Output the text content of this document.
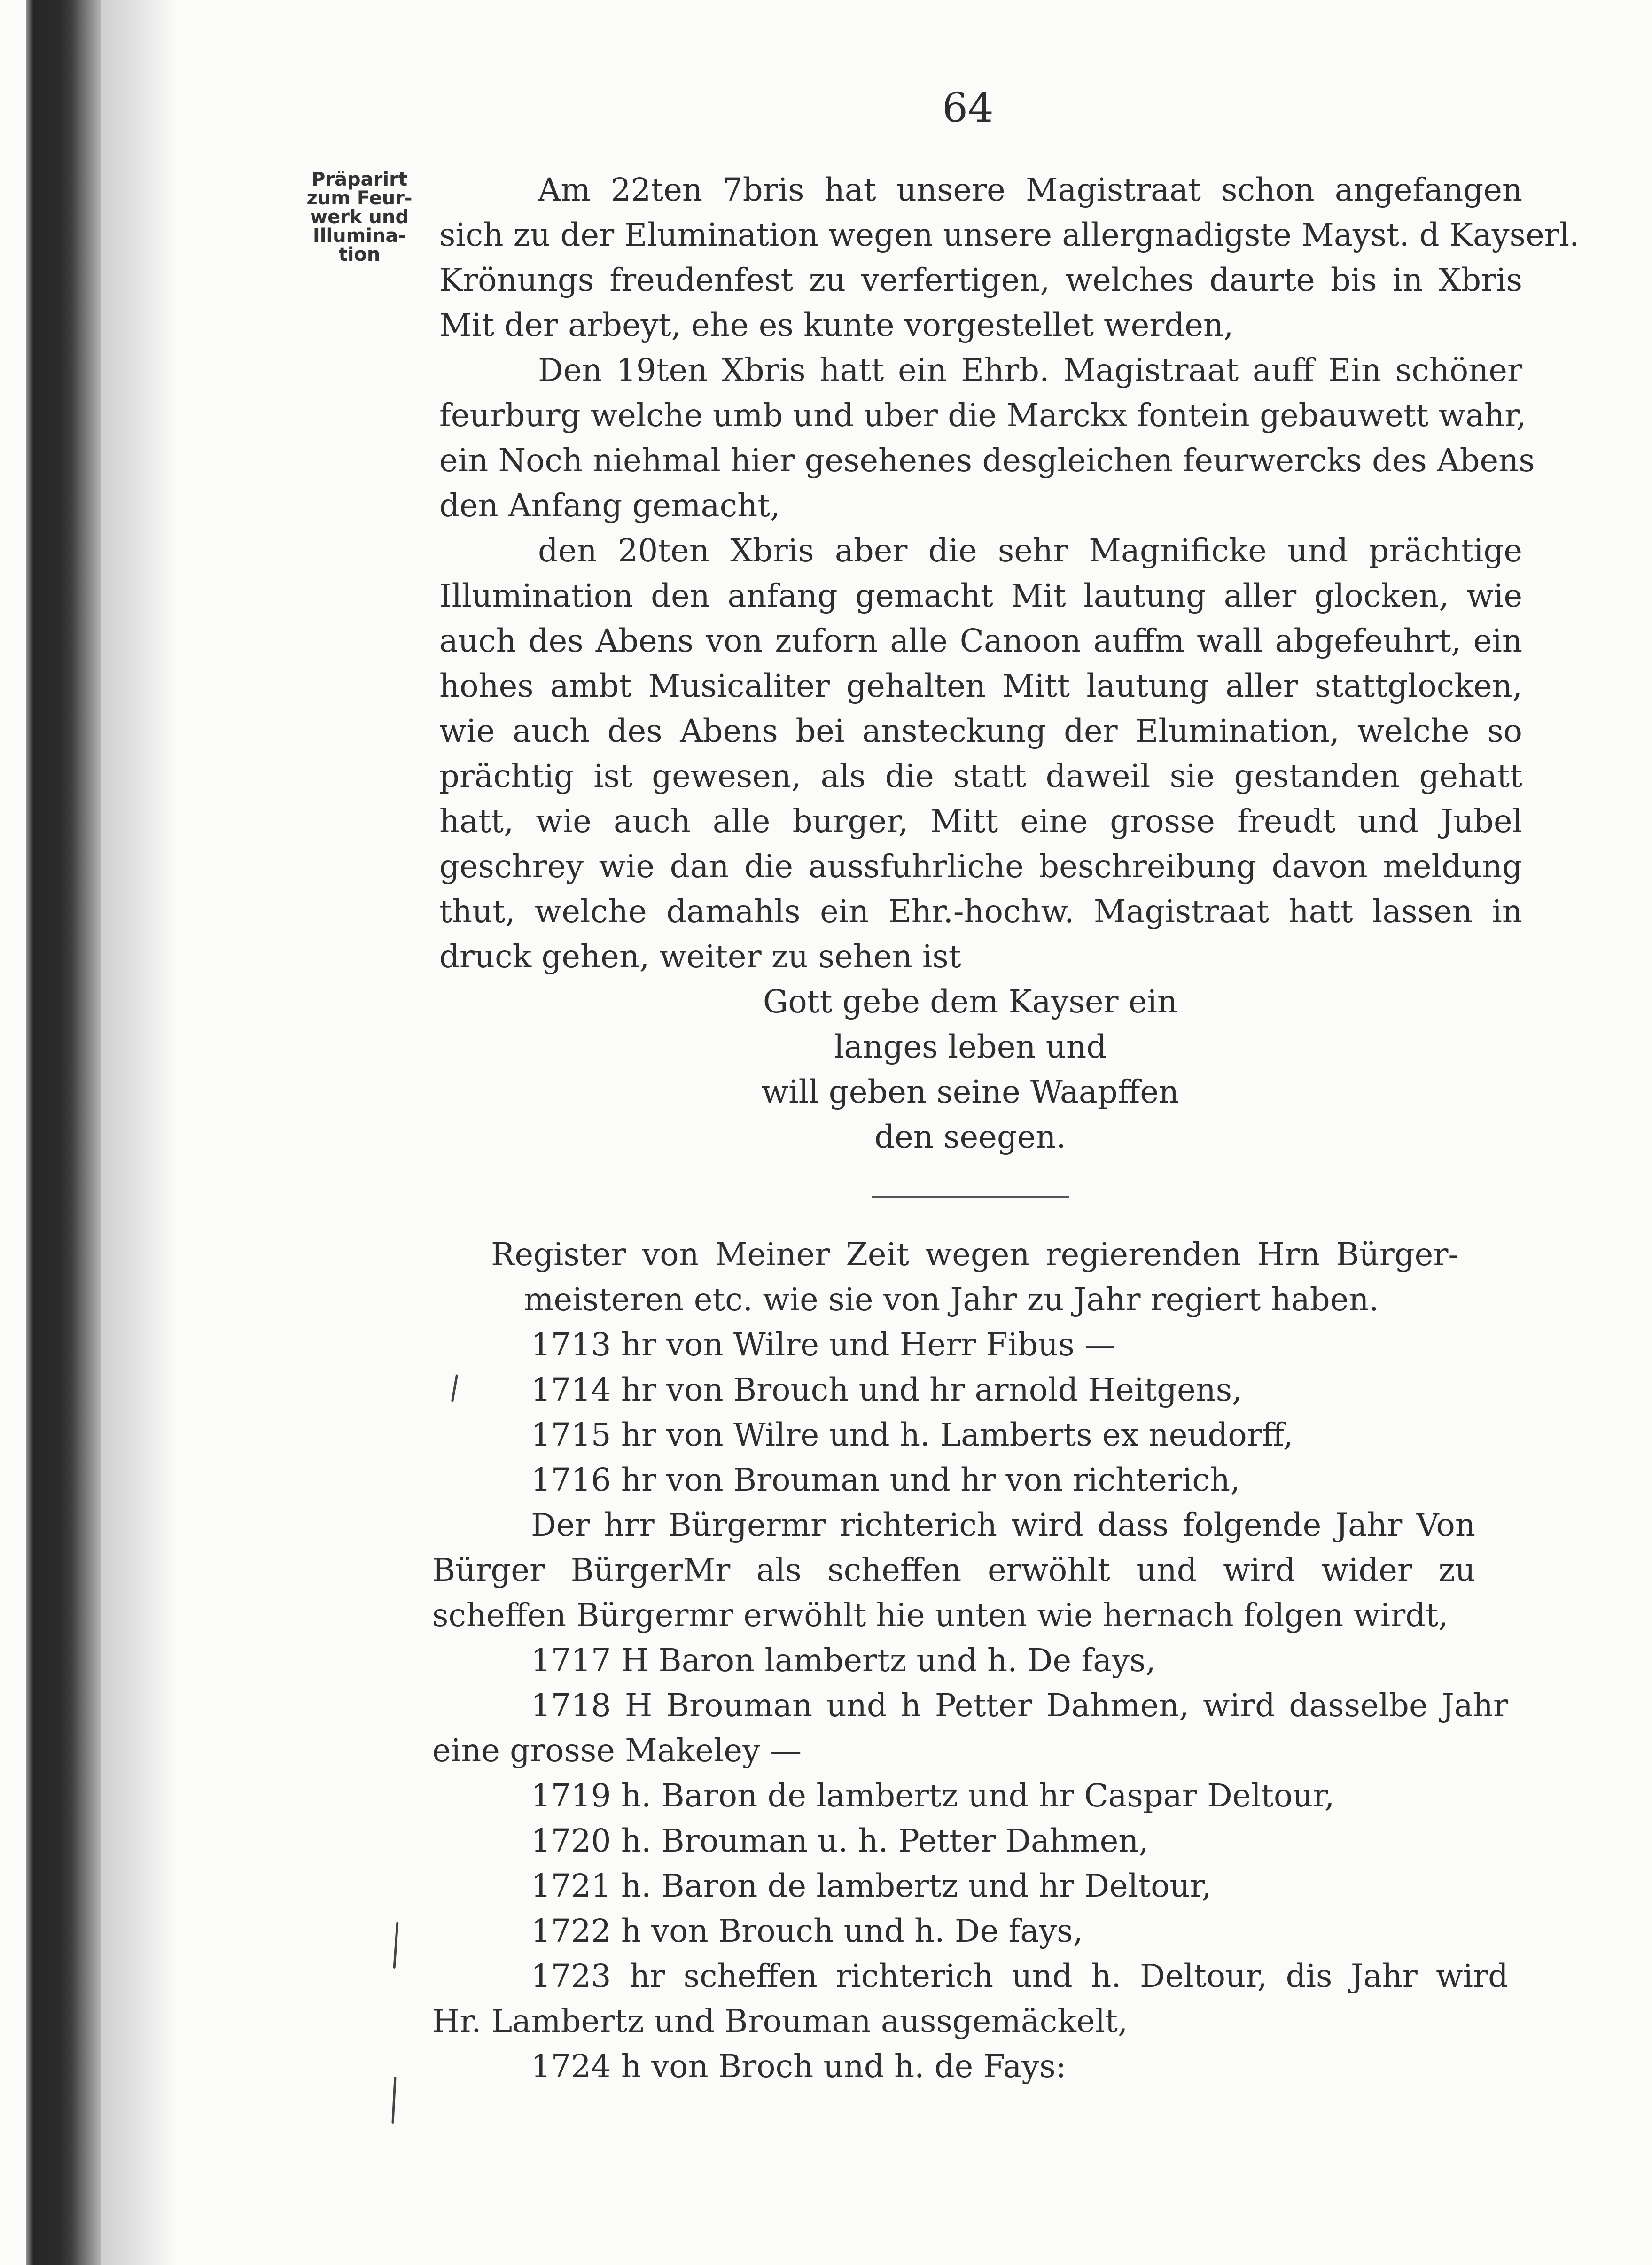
64
Präparirt
zum Feur-
werk und
Illumina-
tion

Am 22ten 7bris hat unsere Magistraat schon angefangen

sich zu der Elumination wegen unsere allergnadigste Mayst. d Kayserl.

Krönungs freudenfest zu verfertigen, welches daurte bis in Xbris

Mit der arbeyt, ehe es kunte vorgestellet werden,

Den 19ten Xbris hatt ein Ehrb. Magistraat auff Ein schöner

feurburg welche umb und uber die Marckx fontein gebauwett wahr,

ein Noch niehmal hier gesehenes desgleichen feurwercks des Abens

den Anfang gemacht,

den 20ten Xbris aber die sehr Magnificke und prächtige

Illumination den anfang gemacht Mit lautung aller glocken, wie

auch des Abens von zuforn alle Canoon auffm wall abgefeuhrt, ein

hohes ambt Musicaliter gehalten Mitt lautung aller stattglocken,

wie auch des Abens bei ansteckung der Elumination, welche so

prächtig ist gewesen, als die statt daweil sie gestanden gehatt

hatt, wie auch alle burger, Mitt eine grosse freudt und Jubel

geschrey wie dan die aussfuhrliche beschreibung davon meldung

thut, welche damahls ein Ehr.-hochw. Magistraat hatt lassen in

druck gehen, weiter zu sehen ist

Gott gebe dem Kayser ein

langes leben und

will geben seine Waapffen

den seegen.

Register von Meiner Zeit wegen regierenden Hrn Bürger-

meisteren etc. wie sie von Jahr zu Jahr regiert haben.

1713 hr von Wilre und Herr Fibus —

1714 hr von Brouch und hr arnold Heitgens,

1715 hr von Wilre und h. Lamberts ex neudorff,

1716 hr von Brouman und hr von richterich,

Der hrr Bürgermr richterich wird dass folgende Jahr Von

Bürger BürgerMr als scheffen erwöhlt und wird wider zu

scheffen Bürgermr erwöhlt hie unten wie hernach folgen wirdt,

1717 H Baron lambertz und h. De fays,

1718 H Brouman und h Petter Dahmen, wird dasselbe Jahr

eine grosse Makeley —

1719 h. Baron de lambertz und hr Caspar Deltour,

1720 h. Brouman u. h. Petter Dahmen,

1721 h. Baron de lambertz und hr Deltour,

1722 h von Brouch und h. De fays,

1723 hr scheffen richterich und h. Deltour, dis Jahr wird

Hr. Lambertz und Brouman aussgemäckelt,

1724 h von Broch und h. de Fays:
